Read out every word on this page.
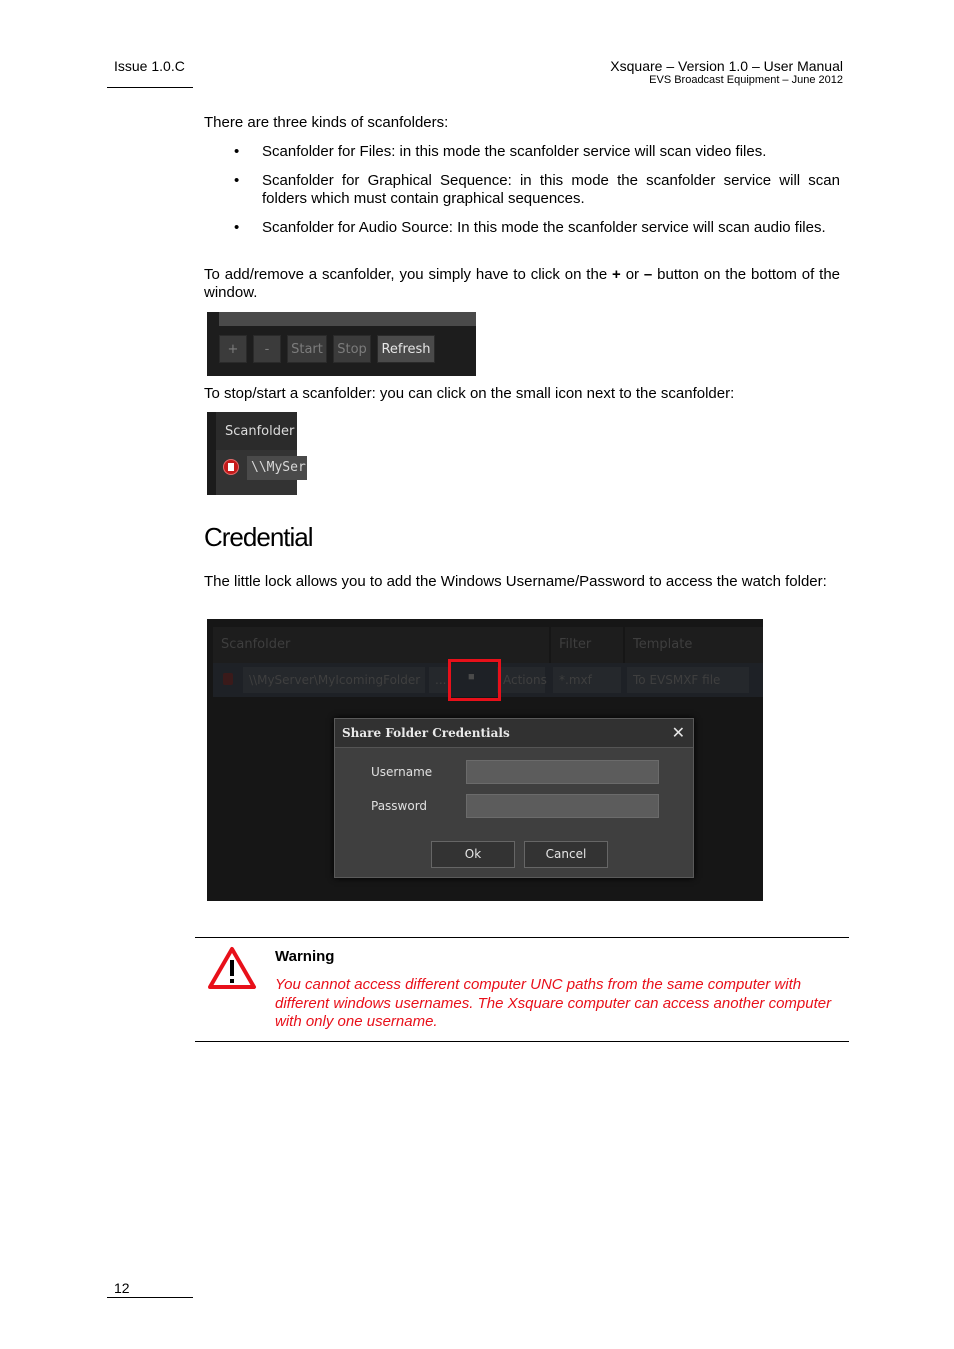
Issue 1.0.C	Xsquare – Version 1.0 – User Manual
EVS Broadcast Equipment – June 2012
There are three kinds of scanfolders:
• Scanfolder for Files: in this mode the scanfolder service will scan video files.
• Scanfolder for Graphical Sequence: in this mode the scanfolder service will scan folders which must contain graphical sequences.
• Scanfolder for Audio Source: In this mode the scanfolder service will scan audio files.
To add/remove a scanfolder, you simply have to click on the + or – button on the bottom of the window.
+	-	Start	Stop	Refresh
To stop/start a scanfolder: you can click on the small icon next to the scanfolder:
Scanfolder
\\MySer
Credential
The little lock allows you to add the Windows Username/Password to access the watch folder:
Scanfolder	Filter	Template
\\MyServer\MyIcomingFolder	...	■	Actions	*.mxf	To EVSMXF file
Share Folder Credentials	✕
Username
Password
Ok	Cancel
Warning
You cannot access different computer UNC paths from the same computer with different windows usernames. The Xsquare computer can access another computer with only one username.
12
